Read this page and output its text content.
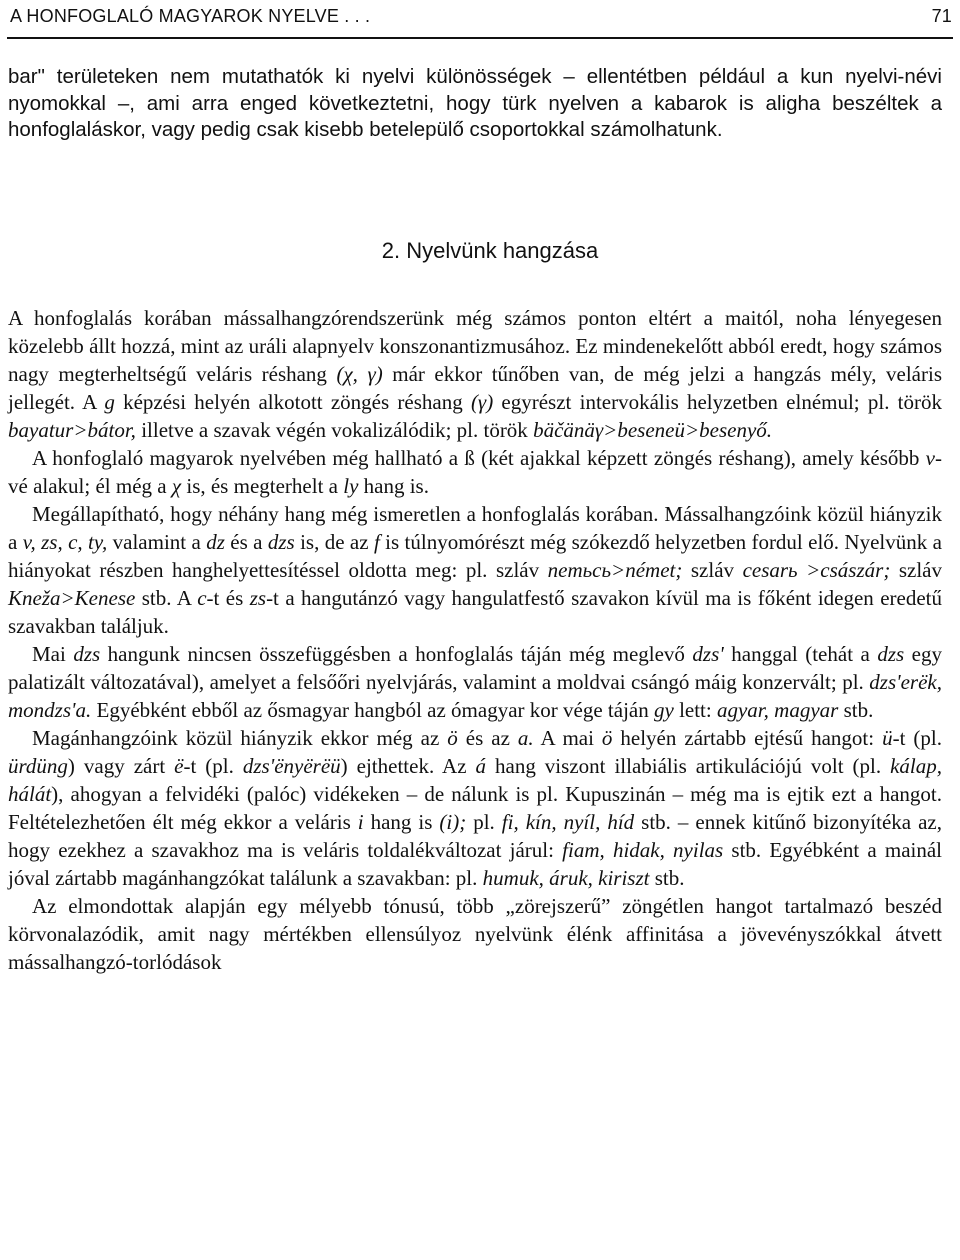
A HONFOGLALÓ MAGYAROK NYELVE . . .	71
bar" területeken nem mutathatók ki nyelvi különösségek – ellentétben például a kun nyelvi-névi nyomokkal –, ami arra enged következtetni, hogy türk nyelven a kabarok is aligha beszéltek a honfoglaláskor, vagy pedig csak kisebb betelepülő csoportokkal számolhatunk.
2. Nyelvünk hangzása

A honfoglalás korában mássalhangzórendszerünk még számos ponton eltért a maitól, noha lényegesen közelebb állt hozzá, mint az uráli alapnyelv konszonantizmusához. Ez mindenekelőtt abból eredt, hogy számos nagy megterheltségű veláris réshang (χ, γ) már ekkor tűnőben van, de még jelzi a hangzás mély, veláris jellegét. A g képzési helyén alkotott zöngés réshang (γ) egyrészt intervokális helyzetben elnémul; pl. török bayatur>bátor, illetve a szavak végén vokalizálódik; pl. török bäčänäγ>beseneü>besenyő.

A honfoglaló magyarok nyelvében még hallható a ß (két ajakkal képzett zöngés réshang), amely később v-vé alakul; él még a χ is, és megterhelt a ly hang is.

Megállapítható, hogy néhány hang még ismeretlen a honfoglalás korában. Mássalhangzóink közül hiányzik a v, zs, c, ty, valamint a dz és a dzs is, de az f is túlnyomórészt még szókezdő helyzetben fordul elő. Nyelvünk a hiányokat részben hanghelyettesítéssel oldotta meg: pl. szláv nemьcь>német; szláv cesarь >császár; szláv Kneža>Kenese stb. A c-t és zs-t a hangutánzó vagy hangulatfestő szavakon kívül ma is főként idegen eredetű szavakban találjuk.

Mai dzs hangunk nincsen összefüggésben a honfoglalás táján még meglevő dzs' hanggal (tehát a dzs egy palatizált változatával), amelyet a felsőőri nyelvjárás, valamint a moldvai csángó máig konzervált; pl. dzs'erëk, mondzs'a. Egyébként ebből az ősmagyar hangból az ómagyar kor vége táján gy lett: agyar, magyar stb.

Magánhangzóink közül hiányzik ekkor még az ö és az a. A mai ö helyén zártabb ejtésű hangot: ü-t (pl. ürdüng) vagy zárt ë-t (pl. dzs'ënyërëü) ejthettek. Az á hang viszont illabiális artikulációjú volt (pl. kálap, hálát), ahogyan a felvidéki (palóc) vidékeken – de nálunk is pl. Kupuszinán – még ma is ejtik ezt a hangot. Feltételezhetően élt még ekkor a veláris i hang is (i); pl. fi, kín, nyíl, híd stb. – ennek kitűnő bizonyítéka az, hogy ezekhez a szavakhoz ma is veláris toldalékváltozat járul: fiam, hidak, nyilas stb. Egyébként a mainál jóval zártabb magánhangzókat találunk a szavakban: pl. humuk, áruk, kiriszt stb.

Az elmondottak alapján egy mélyebb tónusú, több „zörejszerű” zöngétlen hangot tartalmazó beszéd körvonalazódik, amit nagy mértékben ellensúlyoz nyelvünk élénk affinitása a jövevényszókkal átvett mássalhangzó-torlódások
